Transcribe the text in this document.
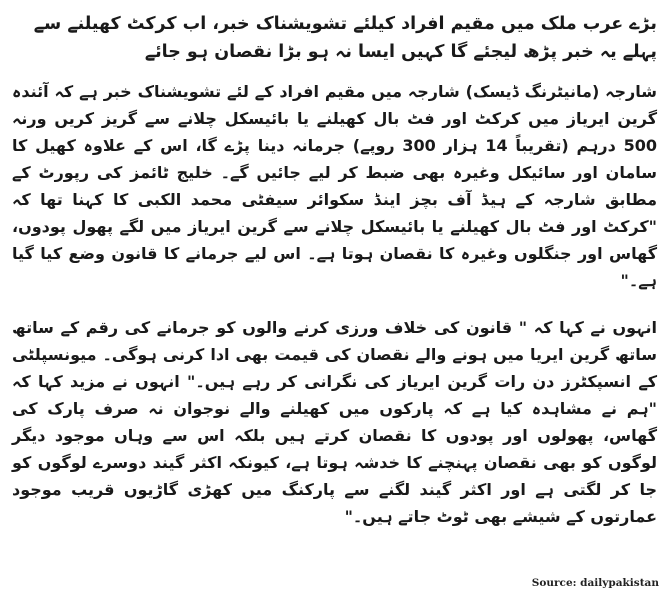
بڑے عرب ملک میں مقیم افراد کیلئے تشویشناک خبر، اب کرکٹ کھیلنے سے پہلے یہ خبر پڑھ لیجئے گا کہیں ایسا نہ ہو بڑا نقصان ہو جائے
شارجہ (مانیٹرنگ ڈیسک) شارجہ میں مقیم افراد کے لئے تشویشناک خبر ہے کہ آئندہ گرین ایریاز میں کرکٹ اور فٹ بال کھیلنے یا بائیسکل چلانے سے گریز کریں ورنہ 500 درہم (تقریباً 14 ہزار 300 روپے) جرمانہ دینا پڑے گا، اس کے علاوہ کھیل کا سامان اور سائیکل وغیرہ بھی ضبط کر لیے جائیں گے۔ خلیج ٹائمز کی رپورٹ کے مطابق شارجہ کے ہیڈ آف بچز اینڈ سکوائر سیفٹی محمد الکبی کا کہنا تھا کہ "کرکٹ اور فٹ بال کھیلنے یا بائیسکل چلانے سے گرین ایریاز میں لگے پھول پودوں، گھاس اور جنگلوں وغیرہ کا نقصان ہوتا ہے۔ اس لیے جرمانے کا قانون وضع کیا گیا ہے۔"
انہوں نے کہا کہ " قانون کی خلاف ورزی کرنے والوں کو جرمانے کی رقم کے ساتھ ساتھ گرین ایریا میں ہونے والے نقصان کی قیمت بھی ادا کرنی ہوگی۔ میونسپلٹی کے انسپکٹرز دن رات گرین ایریاز کی نگرانی کر رہے ہیں۔" انہوں نے مزید کہا کہ "ہم نے مشاہدہ کیا ہے کہ پارکوں میں کھیلنے والے نوجوان نہ صرف پارک کی گھاس، پھولوں اور پودوں کا نقصان کرتے ہیں بلکہ اس سے وہاں موجود دیگر لوگوں کو بھی نقصان پہنچنے کا خدشہ ہوتا ہے، کیونکہ اکثر گیند دوسرے لوگوں کو جا کر لگتی ہے اور اکثر گیند لگنے سے پارکنگ میں کھڑی گاڑیوں قریب موجود عمارتوں کے شیشے بھی ٹوٹ جاتے ہیں۔"
Source: dailypakistan
